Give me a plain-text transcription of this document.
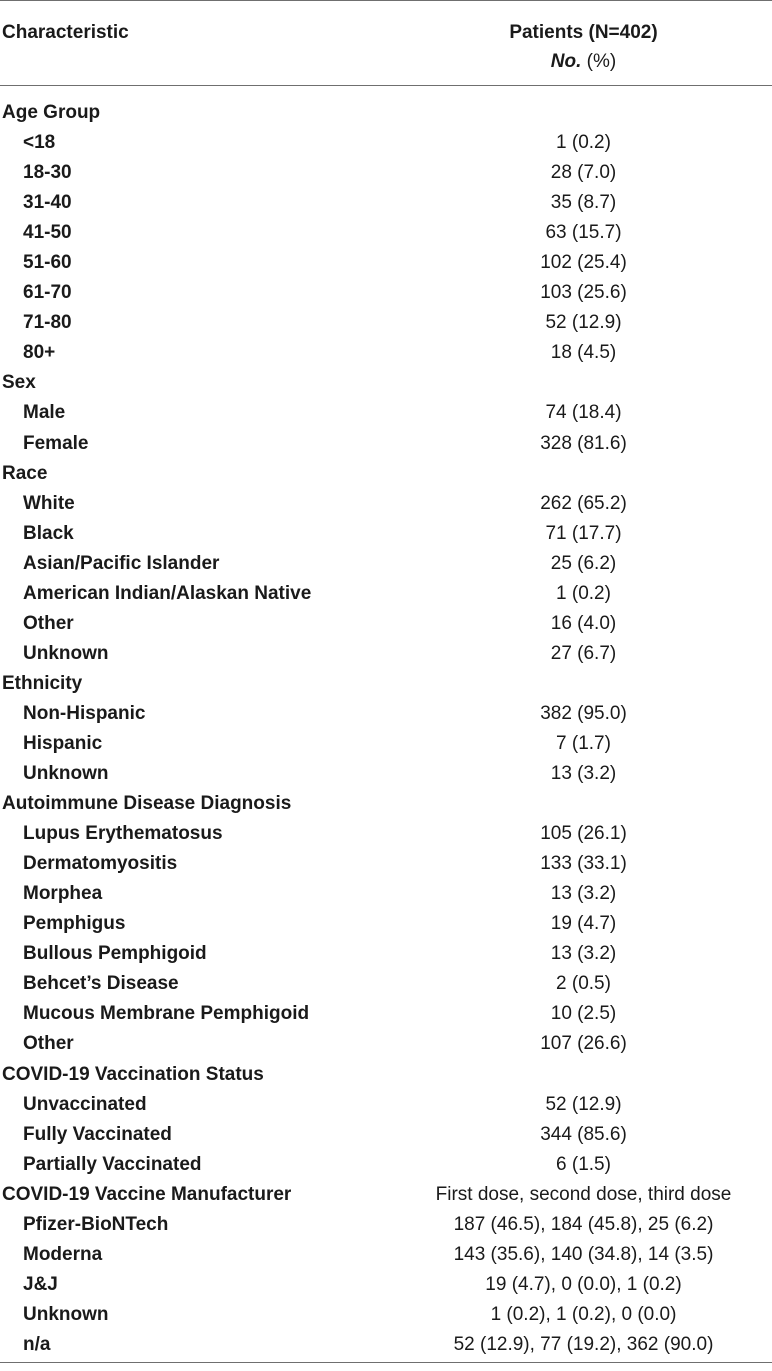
Characteristic	Patients (N=402)
No. (%)
Age Group
<18	1 (0.2)
18-30	28 (7.0)
31-40	35 (8.7)
41-50	63 (15.7)
51-60	102 (25.4)
61-70	103 (25.6)
71-80	52 (12.9)
80+	18 (4.5)
Sex
Male	74 (18.4)
Female	328 (81.6)
Race
White	262 (65.2)
Black	71 (17.7)
Asian/Pacific Islander	25 (6.2)
American Indian/Alaskan Native	1 (0.2)
Other	16 (4.0)
Unknown	27 (6.7)
Ethnicity
Non-Hispanic	382 (95.0)
Hispanic	7 (1.7)
Unknown	13 (3.2)
Autoimmune Disease Diagnosis
Lupus Erythematosus	105 (26.1)
Dermatomyositis	133 (33.1)
Morphea	13 (3.2)
Pemphigus	19 (4.7)
Bullous Pemphigoid	13 (3.2)
Behcet’s Disease	2 (0.5)
Mucous Membrane Pemphigoid	10 (2.5)
Other	107 (26.6)
COVID-19 Vaccination Status
Unvaccinated	52 (12.9)
Fully Vaccinated	344 (85.6)
Partially Vaccinated	6 (1.5)
COVID-19 Vaccine Manufacturer	First dose, second dose, third dose
Pfizer-BioNTech	187 (46.5), 184 (45.8), 25 (6.2)
Moderna	143 (35.6), 140 (34.8), 14 (3.5)
J&J	19 (4.7), 0 (0.0), 1 (0.2)
Unknown	1 (0.2), 1 (0.2), 0 (0.0)
n/a	52 (12.9), 77 (19.2), 362 (90.0)
